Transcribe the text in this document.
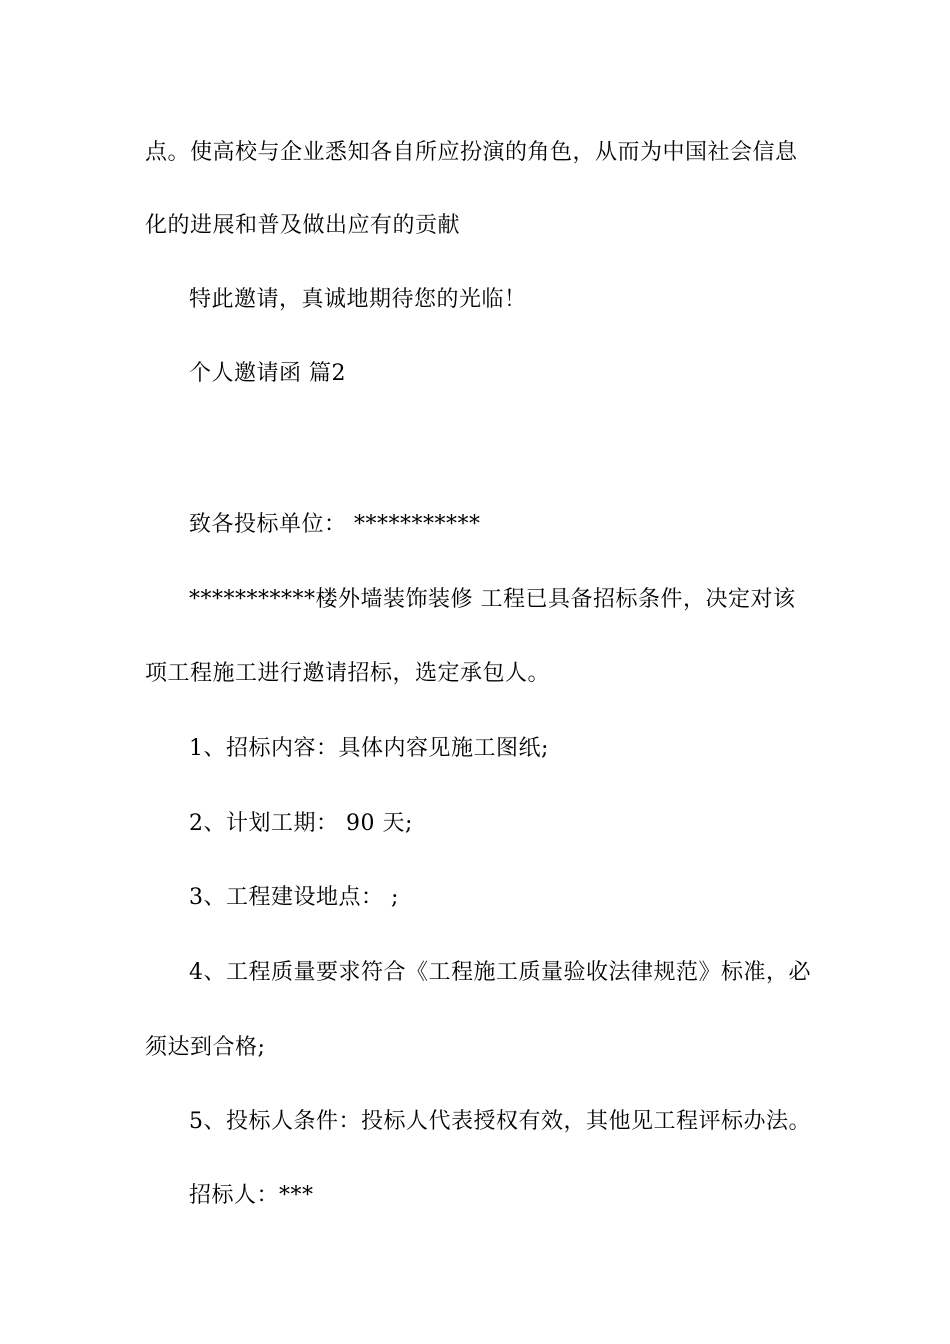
点。使高校与企业悉知各自所应扮演的角色，从而为中国社会信息
化的进展和普及做出应有的贡献
特此邀请，真诚地期待您的光临！
个人邀请函 篇2
致各投标单位： ***********
***********楼外墙装饰装修 工程已具备招标条件，决定对该
项工程施工进行邀请招标，选定承包人。
1、招标内容：具体内容见施工图纸;
2、计划工期： 90 天;
3、工程建设地点： ;
4、工程质量要求符合《工程施工质量验收法律规范》标准，必
须达到合格;
5、投标人条件：投标人代表授权有效，其他见工程评标办法。
招标人：***
